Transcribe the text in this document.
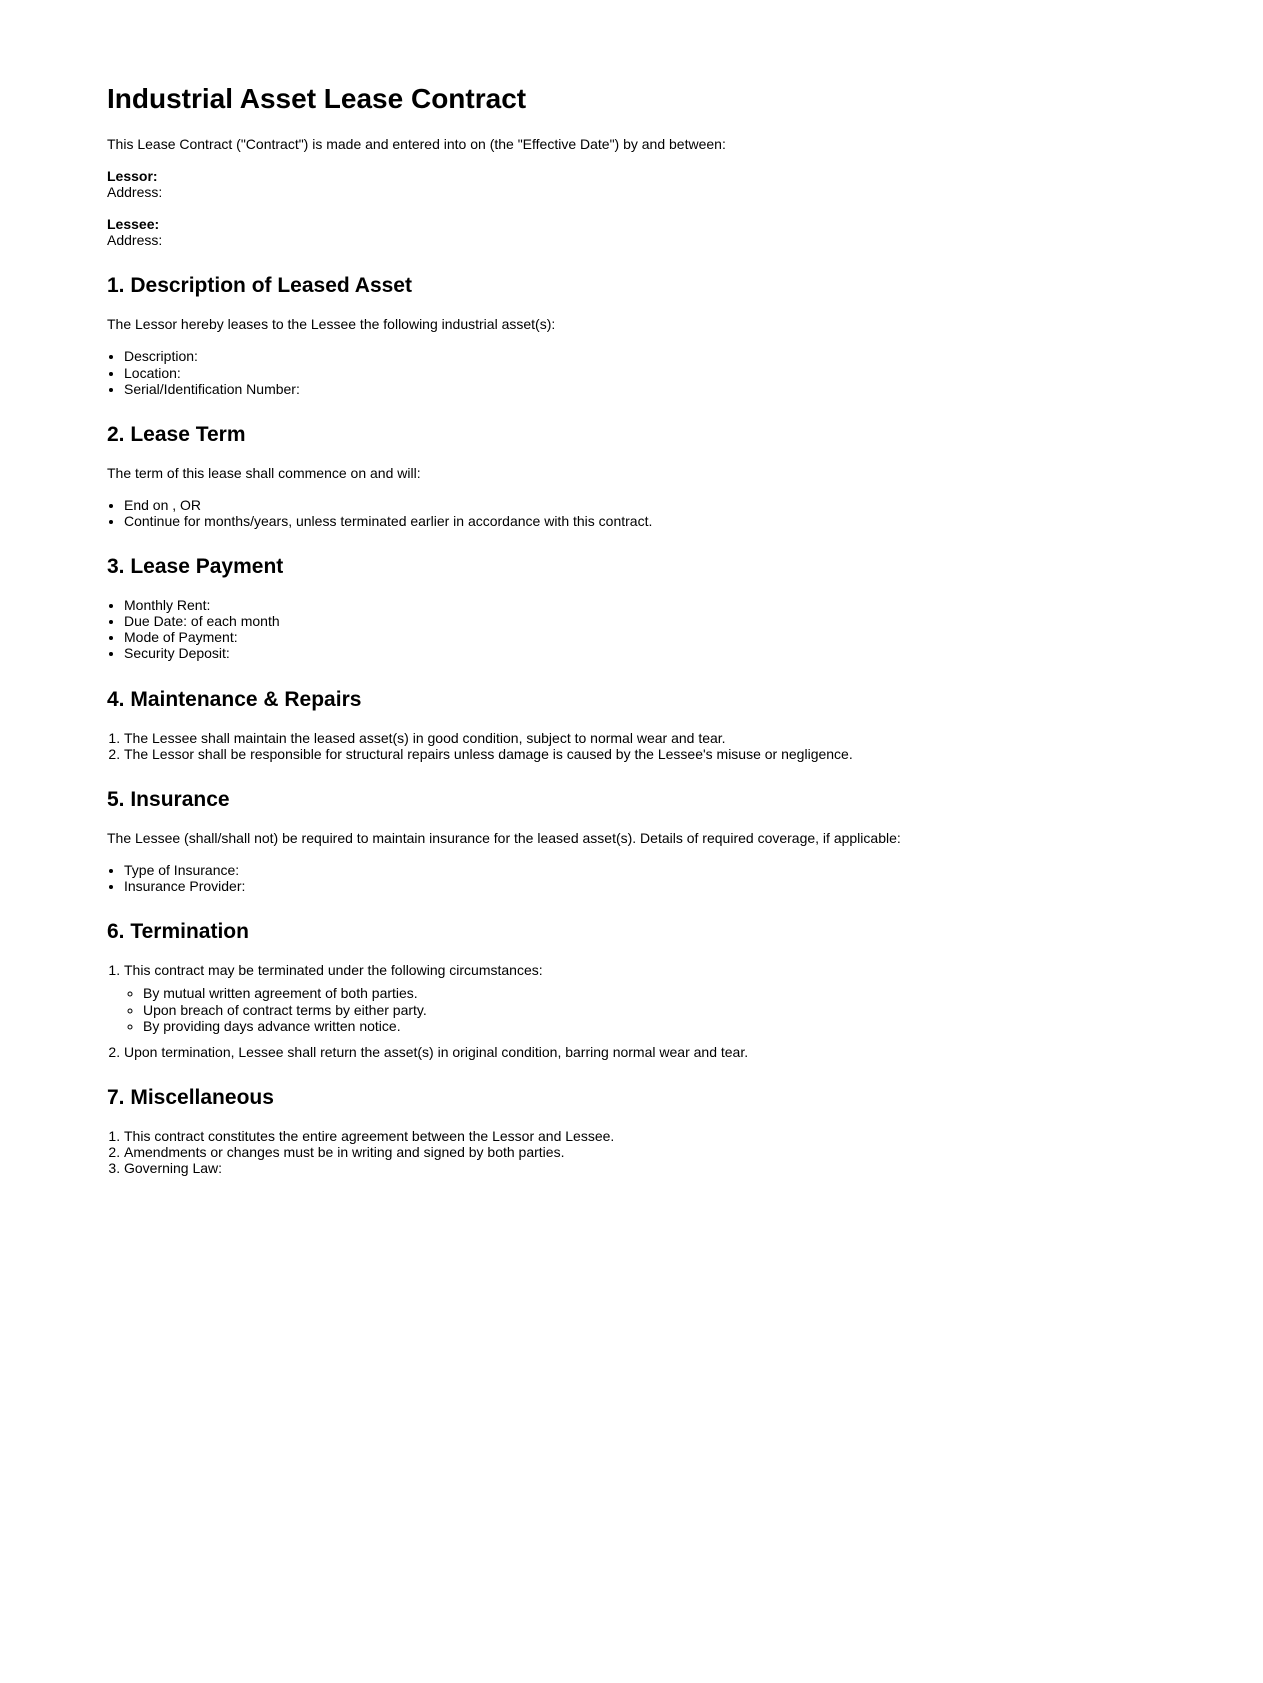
Industrial Asset Lease Contract

This Lease Contract ("Contract") is made and entered into on (the "Effective Date") by and between:

Lessor:
Address:

Lessee:
Address:

1. Description of Leased Asset

The Lessor hereby leases to the Lessee the following industrial asset(s):

• Description:
• Location:
• Serial/Identification Number:
2. Lease Term

The term of this lease shall commence on and will:

• End on , OR
• Continue for months/years, unless terminated earlier in accordance with this contract.
3. Lease Payment
• Monthly Rent:
• Due Date: of each month
• Mode of Payment:
• Security Deposit:
4. Maintenance & Repairs
1. The Lessee shall maintain the leased asset(s) in good condition, subject to normal wear and tear.
2. The Lessor shall be responsible for structural repairs unless damage is caused by the Lessee's misuse or negligence.
5. Insurance

The Lessee (shall/shall not) be required to maintain insurance for the leased asset(s). Details of required coverage, if applicable:

• Type of Insurance:
• Insurance Provider:
6. Termination
1. This contract may be terminated under the following circumstances:
◦ By mutual written agreement of both parties.
◦ Upon breach of contract terms by either party.
◦ By providing days advance written notice.
2. Upon termination, Lessee shall return the asset(s) in original condition, barring normal wear and tear.
7. Miscellaneous
1. This contract constitutes the entire agreement between the Lessor and Lessee.
2. Amendments or changes must be in writing and signed by both parties.
3. Governing Law:
